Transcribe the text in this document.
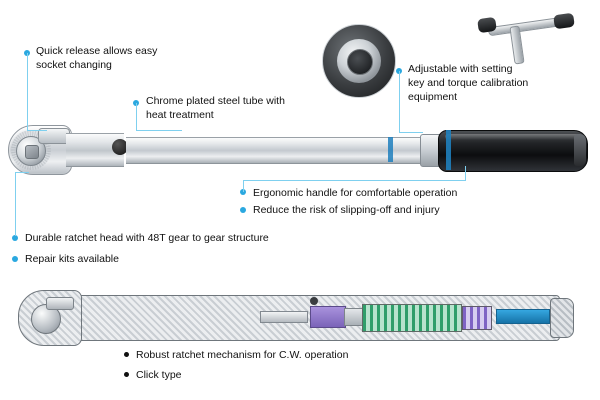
Quick release allows easy
socket changing
Chrome plated steel tube with
heat treatment
Adjustable with setting
key and torque calibration
equipment
Ergonomic handle for comfortable operation
Reduce the risk of slipping-off and injury
Durable ratchet head with 48T gear to gear structure
Repair kits available
Robust ratchet mechanism for C.W. operation
Click type
